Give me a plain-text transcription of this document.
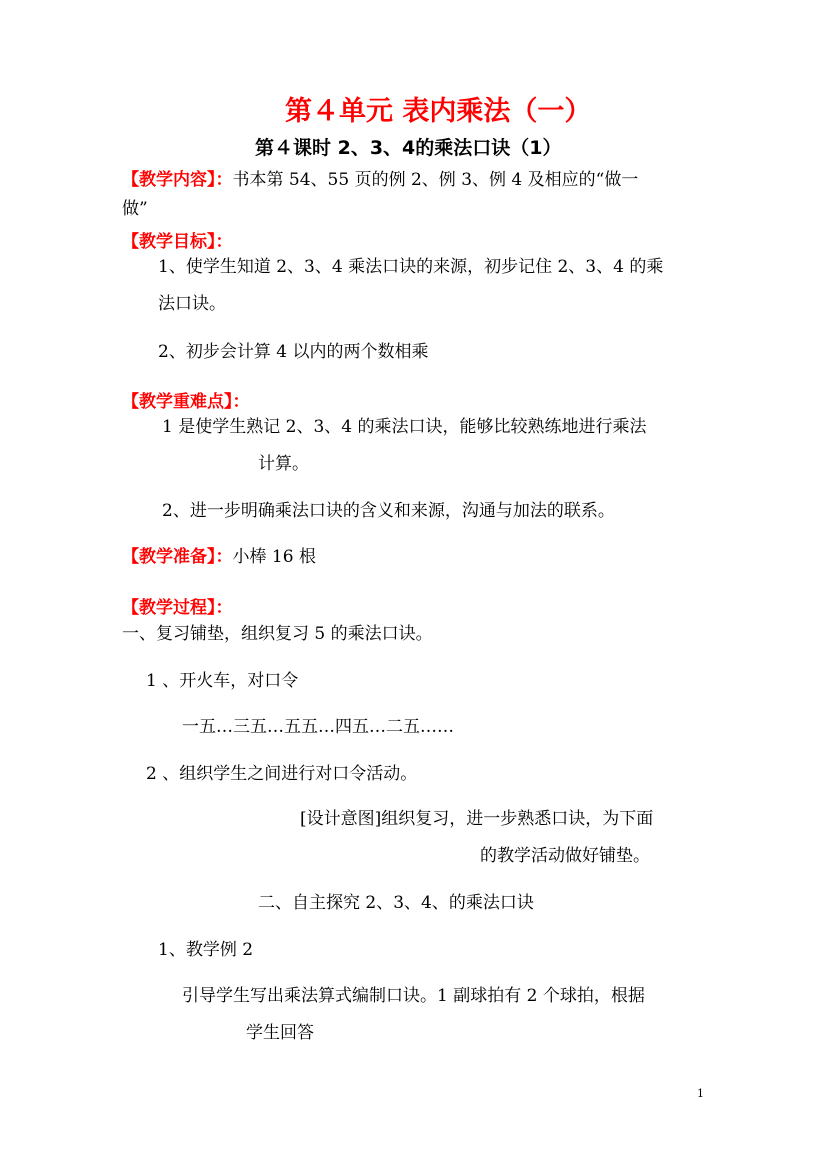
第４单元 表内乘法（一）
第４课时 2、3、4的乘法口诀（1）
【教学内容】：书本第 54、55 页的例 2、例 3、例 4 及相应的“做一
做”
【教学目标】：
1、使学生知道 2、3、4 乘法口诀的来源，初步记住 2、3、4 的乘
法口诀。
2、初步会计算 4 以内的两个数相乘
【教学重难点】：
1 是使学生熟记 2、3、4 的乘法口诀，能够比较熟练地进行乘法
计算。
2、进一步明确乘法口诀的含义和来源，沟通与加法的联系。
【教学准备】：小棒 16 根
【教学过程】：
一、复习铺垫，组织复习 5 的乘法口诀。
1 、开火车，对口令
一五…三五…五五…四五…二五……
2 、组织学生之间进行对口令活动。
[设计意图]组织复习，进一步熟悉口诀，为下面
的教学活动做好铺垫。
二、自主探究 2、3、4、的乘法口诀
1、教学例 2
引导学生写出乘法算式编制口诀。1 副球拍有 2 个球拍，根据
学生回答
1
